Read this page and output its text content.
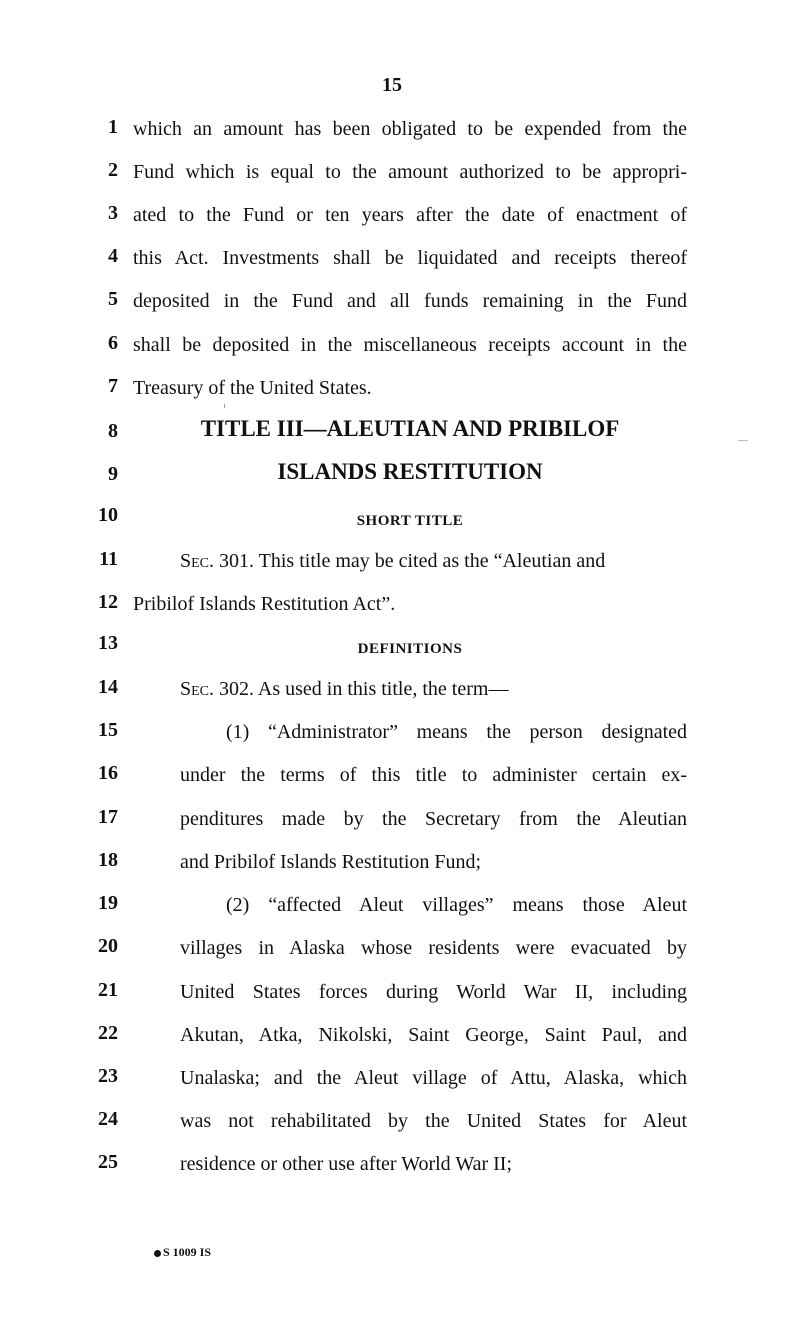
15
1 which an amount has been obligated to be expended from the
2 Fund which is equal to the amount authorized to be appropri-
3 ated to the Fund or ten years after the date of enactment of
4 this Act. Investments shall be liquidated and receipts thereof
5 deposited in the Fund and all funds remaining in the Fund
6 shall be deposited in the miscellaneous receipts account in the
7 Treasury of the United States.
8	TITLE III—ALEUTIAN AND PRIBILOF
9	ISLANDS RESTITUTION
10	SHORT TITLE
11	Sec. 301. This title may be cited as the “Aleutian and
12 Pribilof Islands Restitution Act”.
13	DEFINITIONS
14	Sec. 302. As used in this title, the term—
15	(1) “Administrator” means the person designated
16	under the terms of this title to administer certain ex-
17	penditures made by the Secretary from the Aleutian
18	and Pribilof Islands Restitution Fund;
19	(2) “affected Aleut villages” means those Aleut
20	villages in Alaska whose residents were evacuated by
21	United States forces during World War II, including
22	Akutan, Atka, Nikolski, Saint George, Saint Paul, and
23	Unalaska; and the Aleut village of Attu, Alaska, which
24	was not rehabilitated by the United States for Aleut
25	residence or other use after World War II;
S 1009 IS
